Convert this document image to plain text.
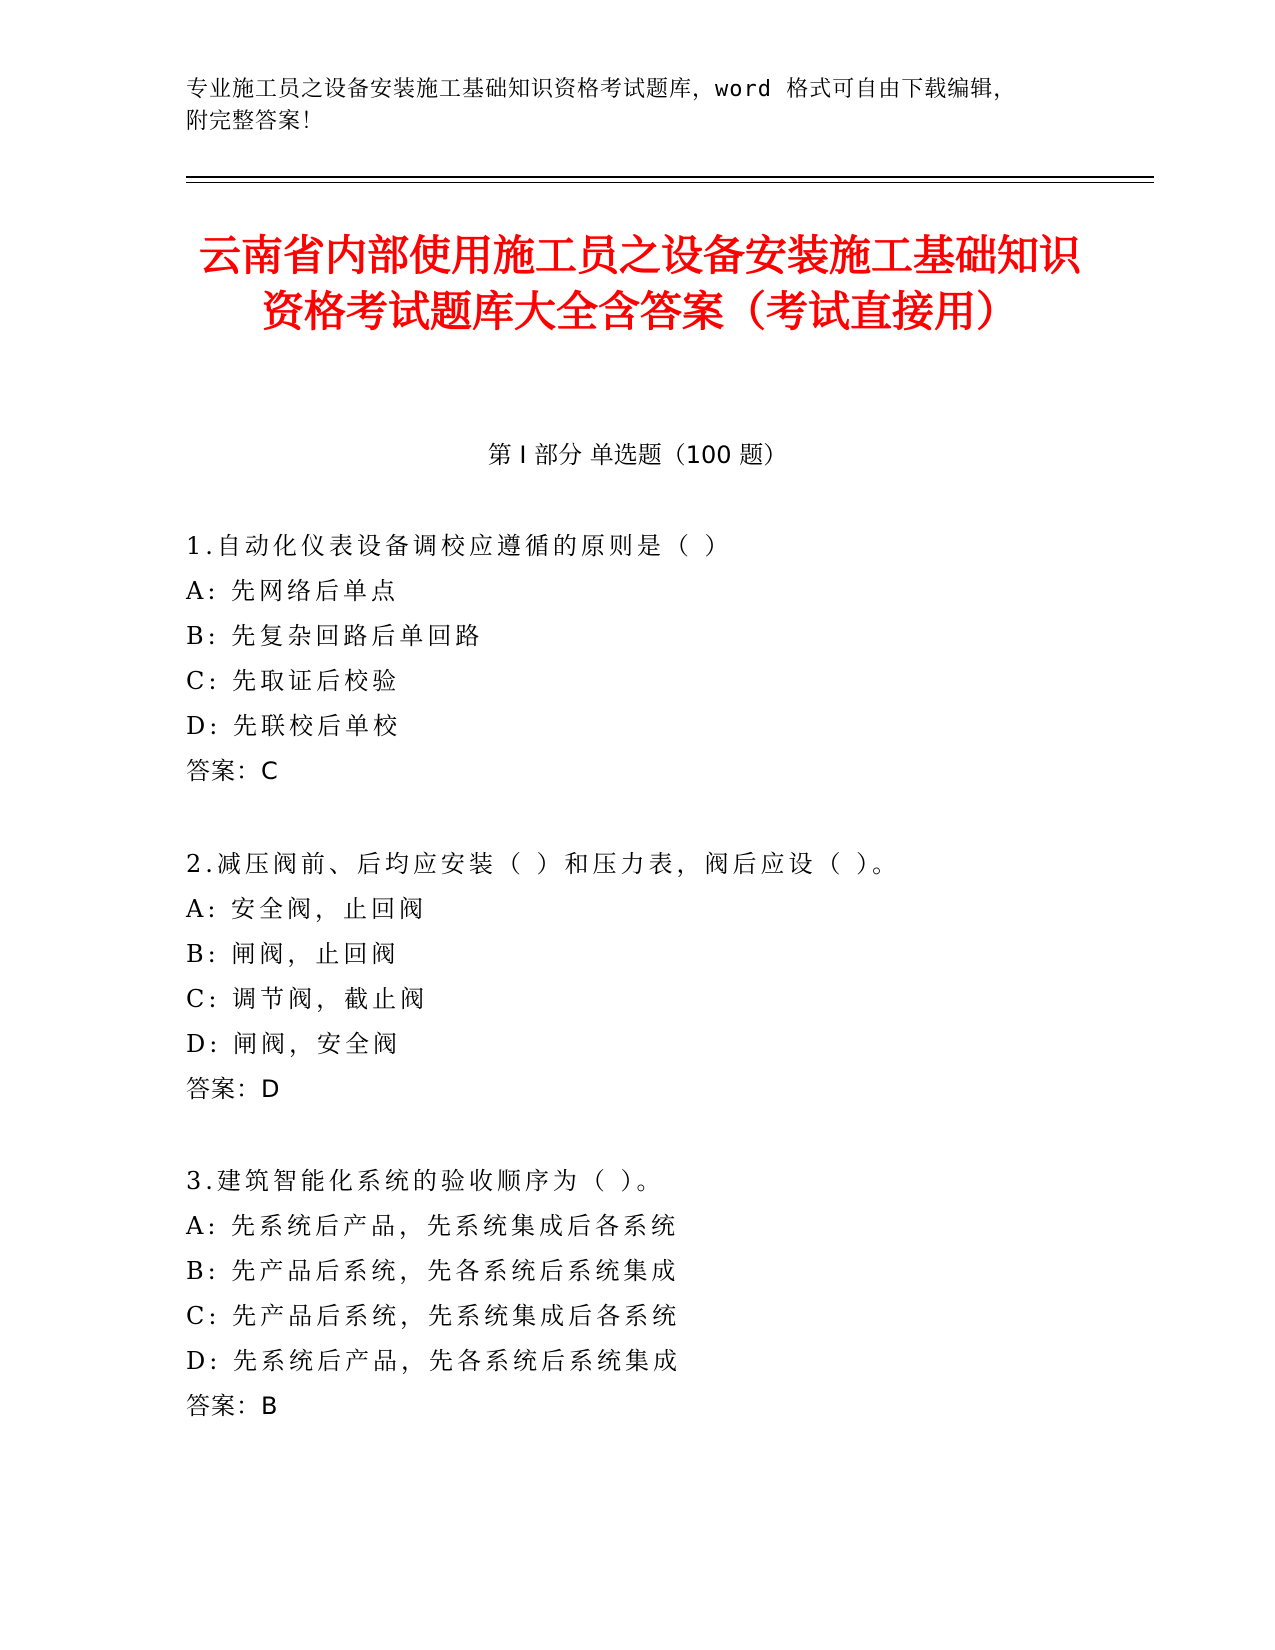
专业施工员之设备安装施工基础知识资格考试题库，word 格式可自由下载编辑，
附完整答案！
云南省内部使用施工员之设备安装施工基础知识资格考试题库大全含答案（考试直接用）
第 I 部分 单选题（100 题）
1.自动化仪表设备调校应遵循的原则是（ ）
A: 先网络后单点
B: 先复杂回路后单回路
C: 先取证后校验
D: 先联校后单校
答案：C
2.减压阀前、后均应安装（ ）和压力表，阀后应设（ ）。
A: 安全阀，止回阀
B: 闸阀，止回阀
C: 调节阀，截止阀
D: 闸阀，安全阀
答案：D
3.建筑智能化系统的验收顺序为（ ）。
A: 先系统后产品，先系统集成后各系统
B: 先产品后系统，先各系统后系统集成
C: 先产品后系统，先系统集成后各系统
D: 先系统后产品，先各系统后系统集成
答案：B
